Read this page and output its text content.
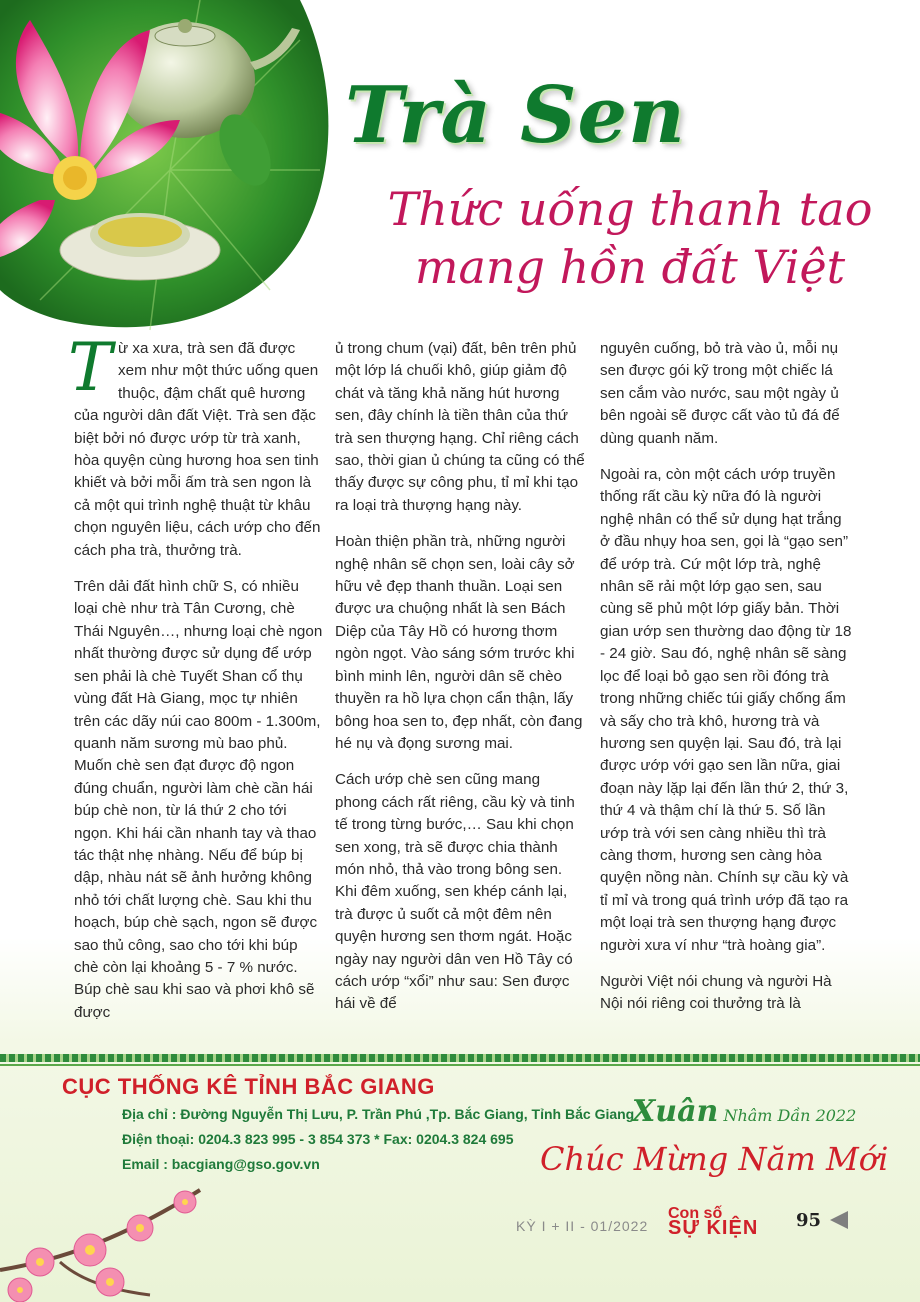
Trà Sen
Thức uống thanh tao
mang hồn đất Việt

Từ xa xưa, trà sen đã được xem như một thức uống quen thuộc, đậm chất quê hương của người dân đất Việt. Trà sen đặc biệt bởi nó được ướp từ trà xanh, hòa quyện cùng hương hoa sen tinh khiết và bởi mỗi ấm trà sen ngon là cả một qui trình nghệ thuật từ khâu chọn nguyên liệu, cách ướp cho đến cách pha trà, thưởng trà.

Trên dải đất hình chữ S, có nhiều loại chè như trà Tân Cương, chè Thái Nguyên…, nhưng loại chè ngon nhất thường được sử dụng để ướp sen phải là chè Tuyết Shan cổ thụ vùng đất Hà Giang, mọc tự nhiên trên các dãy núi cao 800m - 1.300m, quanh năm sương mù bao phủ. Muốn chè sen đạt được độ ngon đúng chuẩn, người làm chè cần hái búp chè non, từ lá thứ 2 cho tới ngọn. Khi hái cần nhanh tay và thao tác thật nhẹ nhàng. Nếu để búp bị dập, nhàu nát sẽ ảnh hưởng không nhỏ tới chất lượng chè. Sau khi thu hoạch, búp chè sạch, ngon sẽ được sao thủ công, sao cho tới khi búp chè còn lại khoảng 5 - 7 % nước. Búp chè sau khi sao và phơi khô sẽ được

ủ trong chum (vại) đất, bên trên phủ một lớp lá chuối khô, giúp giảm độ chát và tăng khả năng hút hương sen, đây chính là tiền thân của thứ trà sen thượng hạng. Chỉ riêng cách sao, thời gian ủ chúng ta cũng có thể thấy được sự công phu, tỉ mỉ khi tạo ra loại trà thượng hạng này.

Hoàn thiện phần trà, những người nghệ nhân sẽ chọn sen, loài cây sở hữu vẻ đẹp thanh thuần. Loại sen được ưa chuộng nhất là sen Bách Diệp của Tây Hồ có hương thơm ngòn ngọt. Vào sáng sớm trước khi bình minh lên, người dân sẽ chèo thuyền ra hồ lựa chọn cẩn thận, lấy bông hoa sen to, đẹp nhất, còn đang hé nụ và đọng sương mai.

Cách ướp chè sen cũng mang phong cách rất riêng, cầu kỳ và tinh tế trong từng bước,… Sau khi chọn sen xong, trà sẽ được chia thành món nhỏ, thả vào trong bông sen. Khi đêm xuống, sen khép cánh lại, trà được ủ suốt cả một đêm nên quyện hương sen thơm ngát. Hoặc ngày nay người dân ven Hồ Tây có cách ướp “xổi” như sau: Sen được hái về để

nguyên cuống, bỏ trà vào ủ, mỗi nụ sen được gói kỹ trong một chiếc lá sen cắm vào nước, sau một ngày ủ bên ngoài sẽ được cất vào tủ đá để dùng quanh năm.

Ngoài ra, còn một cách ướp truyền thống rất cầu kỳ nữa đó là người nghệ nhân có thể sử dụng hạt trắng ở đầu nhụy hoa sen, gọi là “gạo sen” để ướp trà. Cứ một lớp trà, nghệ nhân sẽ rải một lớp gạo sen, sau cùng sẽ phủ một lớp giấy bản. Thời gian ướp sen thường dao động từ 18 - 24 giờ. Sau đó, nghệ nhân sẽ sàng lọc để loại bỏ gạo sen rồi đóng trà trong những chiếc túi giấy chống ẩm và sấy cho trà khô, hương trà và hương sen quyện lại. Sau đó, trà lại được ướp với gạo sen lần nữa, giai đoạn này lặp lại đến lần thứ 2, thứ 3, thứ 4 và thậm chí là thứ 5. Số lần ướp trà với sen càng nhiều thì trà càng thơm, hương sen càng hòa quyện nồng nàn. Chính sự cầu kỳ và tỉ mỉ và trong quá trình ướp đã tạo ra một loại trà sen thượng hạng được người xưa ví như “trà hoàng gia”.

Người Việt nói chung và người Hà Nội nói riêng coi thưởng trà là

CỤC THỐNG KÊ TỈNH BẮC GIANG
Địa chỉ : Đường Nguyễn Thị Lưu, P. Trần Phú ,Tp. Bắc Giang, Tỉnh Bắc Giang
Điện thoại: 0204.3 823 995 - 3 854 373 * Fax: 0204.3 824 695
Email : bacgiang@gso.gov.vn
Xuân Nhâm Dần 2022
Chúc Mừng Năm Mới
KỲ I + II - 01/2022
Con số
SỰ KIỆN 95
